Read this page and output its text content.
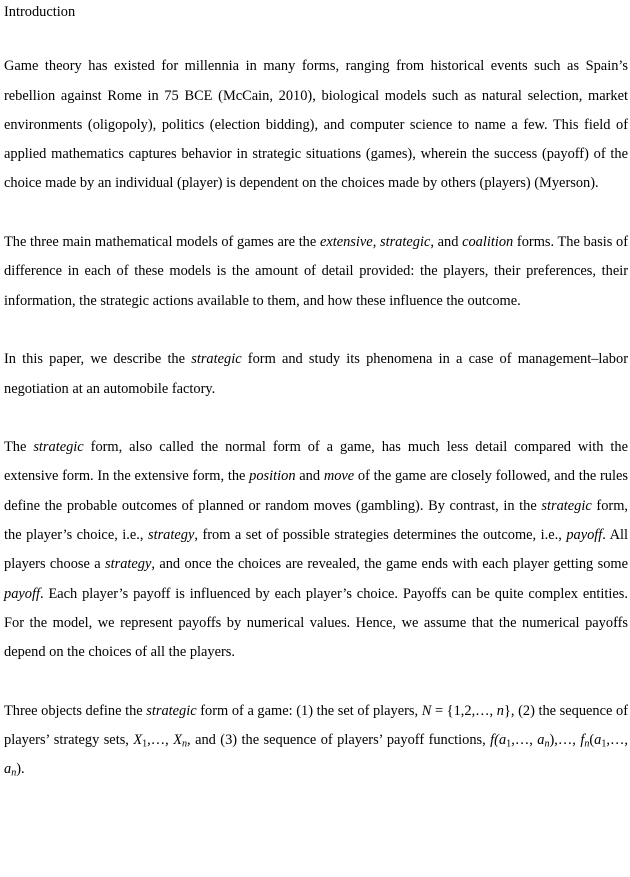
Introduction

Game theory has existed for millennia in many forms, ranging from historical events such as Spain’s rebellion against Rome in 75 BCE (McCain, 2010), biological models such as natural selection, market environments (oligopoly), politics (election bidding), and computer science to name a few. This field of applied mathematics captures behavior in strategic situations (games), wherein the success (payoff) of the choice made by an individual (player) is dependent on the choices made by others (players) (Myerson).

The three main mathematical models of games are the extensive, strategic, and coalition forms. The basis of difference in each of these models is the amount of detail provided: the players, their preferences, their information, the strategic actions available to them, and how these influence the outcome.

In this paper, we describe the strategic form and study its phenomena in a case of management–labor negotiation at an automobile factory.

The strategic form, also called the normal form of a game, has much less detail compared with the extensive form. In the extensive form, the position and move of the game are closely followed, and the rules define the probable outcomes of planned or random moves (gambling). By contrast, in the strategic form, the player’s choice, i.e., strategy, from a set of possible strategies determines the outcome, i.e., payoff. All players choose a strategy, and once the choices are revealed, the game ends with each player getting some payoff. Each player’s payoff is influenced by each player’s choice. Payoffs can be quite complex entities. For the model, we represent payoffs by numerical values. Hence, we assume that the numerical payoffs depend on the choices of all the players.

Three objects define the strategic form of a game: (1) the set of players, N = {1,2,…, n}, (2) the sequence of players’ strategy sets, $X_1,\dots$, $X_n$, and (3) the sequence of players’ payoff functions, $f(a_1,\dots$, $a_n),\dots$, $f_n(a_1,\dots$, $a_n$).
